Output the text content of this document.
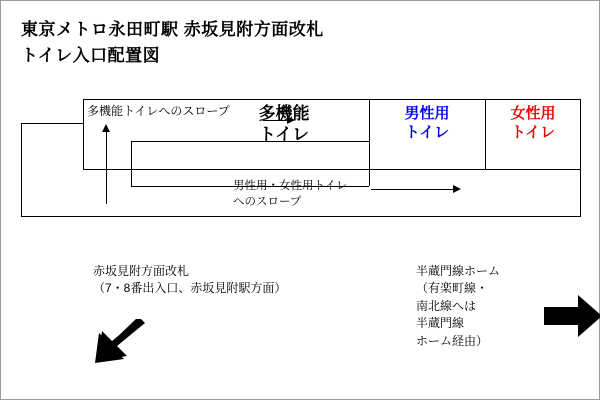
東京メトロ永田町駅 赤坂見附方面改札
トイレ入口配置図
多機能トイレへのスロープ 多機能
トイレ
男性用
トイレ
女性用
トイレ
男性用・女性用トイレ
へのスロープ
赤坂見附方面改札
（7・8番出入口、赤坂見附駅方面）
半蔵門線ホーム
（有楽町線・
南北線へは
半蔵門線
ホーム経由）
